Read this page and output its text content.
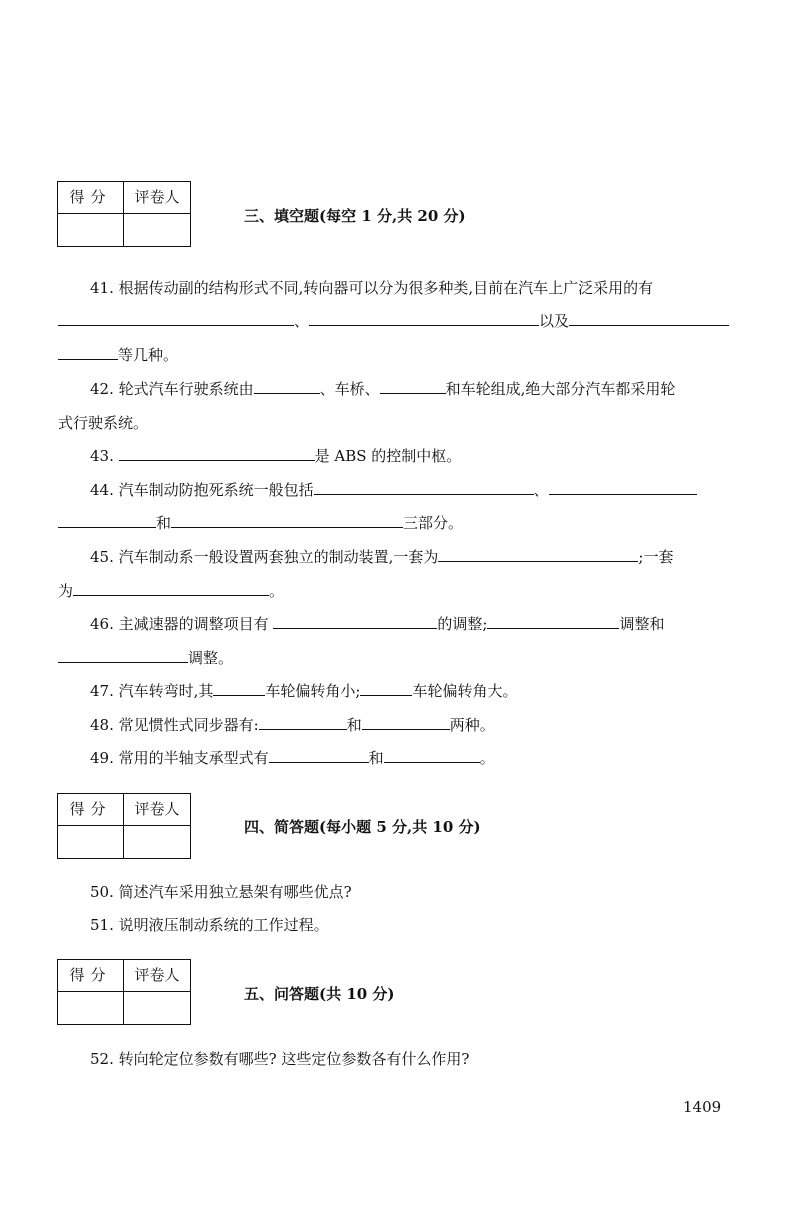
得分	评卷人
三、填空题(每空 1 分,共 20 分)
41. 根据传动副的结构形式不同,转向器可以分为很多种类,目前在汽车上广泛采用的有
、	以及
等几种。
42. 轮式汽车行驶系统由	、车桥、	和车轮组成,绝大部分汽车都采用轮
式行驶系统。
43.	是 ABS 的控制中枢。
44. 汽车制动防抱死系统一般包括	、
和	三部分。
45. 汽车制动系一般设置两套独立的制动装置,一套为	;一套
为	。
46. 主减速器的调整项目有	的调整;	调整和
调整。
47. 汽车转弯时,其	车轮偏转角小;	车轮偏转角大。
48. 常见惯性式同步器有:	和	两种。
49. 常用的半轴支承型式有	和	。
得分	评卷人
四、简答题(每小题 5 分,共 10 分)
50. 简述汽车采用独立悬架有哪些优点?
51. 说明液压制动系统的工作过程。
得分	评卷人
五、问答题(共 10 分)
52. 转向轮定位参数有哪些? 这些定位参数各有什么作用?
1409
